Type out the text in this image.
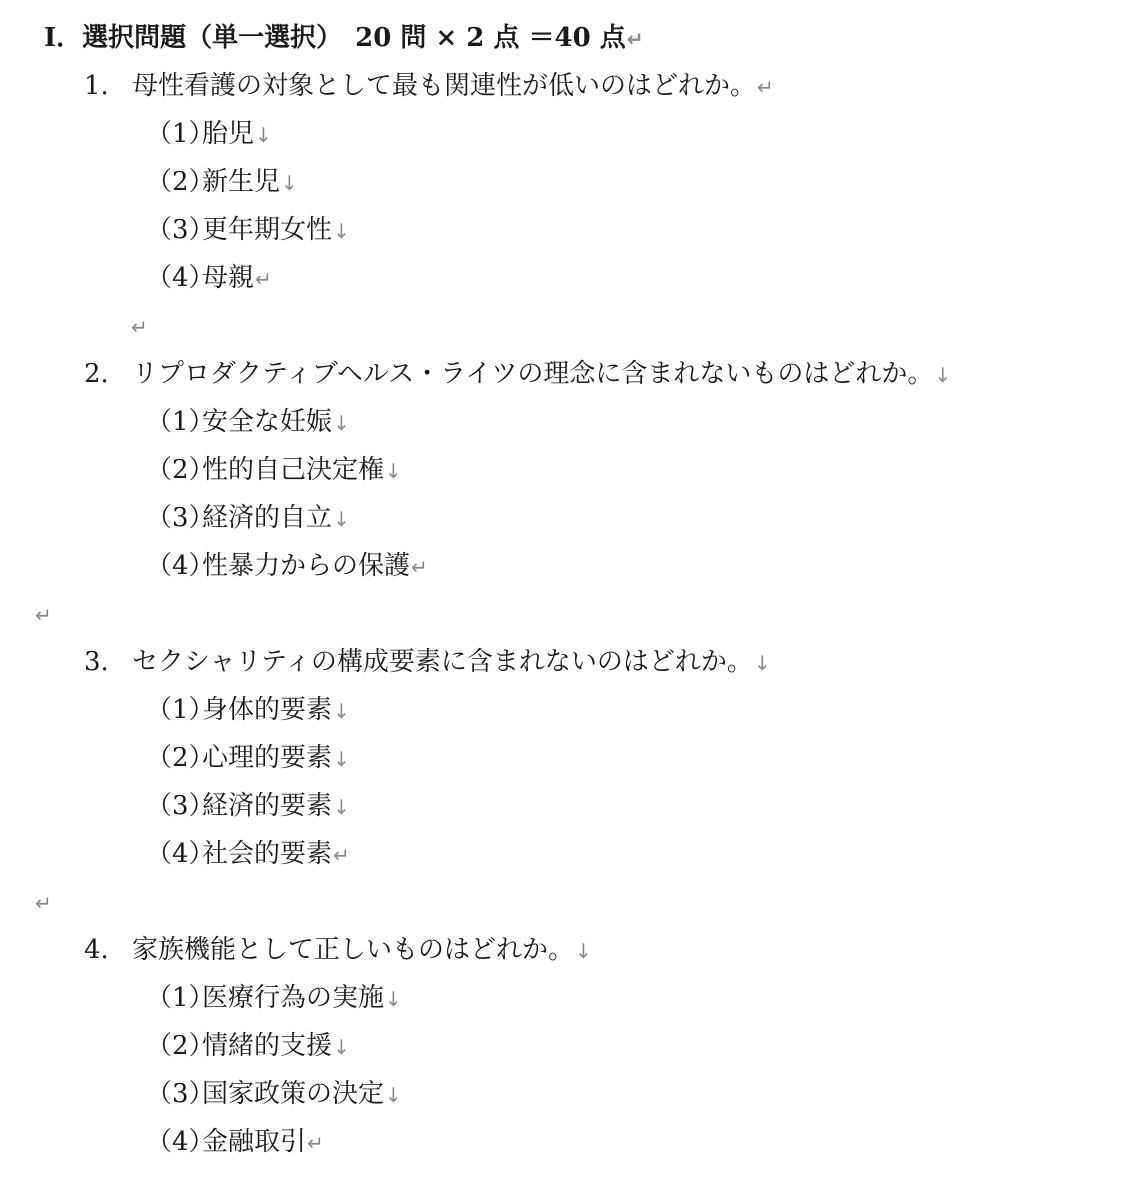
Ⅰ．選択問題（単一選択）　20 問 × 2 点 ＝40 点↵
1. 母性看護の対象として最も関連性が低いのはどれか。↵
（1）胎児↓
（2）新生児↓
（3）更年期女性↓
（4）母親↵
↵
2. リプロダクティブヘルス・ライツの理念に含まれないものはどれか。↓
（1）安全な妊娠↓
（2）性的自己決定権↓
（3）経済的自立↓
（4）性暴力からの保護↵
↵
3. セクシャリティの構成要素に含まれないのはどれか。↓
（1）身体的要素↓
（2）心理的要素↓
（3）経済的要素↓
（4）社会的要素↵
↵
4. 家族機能として正しいものはどれか。↓
（1）医療行為の実施↓
（2）情緒的支援↓
（3）国家政策の決定↓
（4）金融取引↵
